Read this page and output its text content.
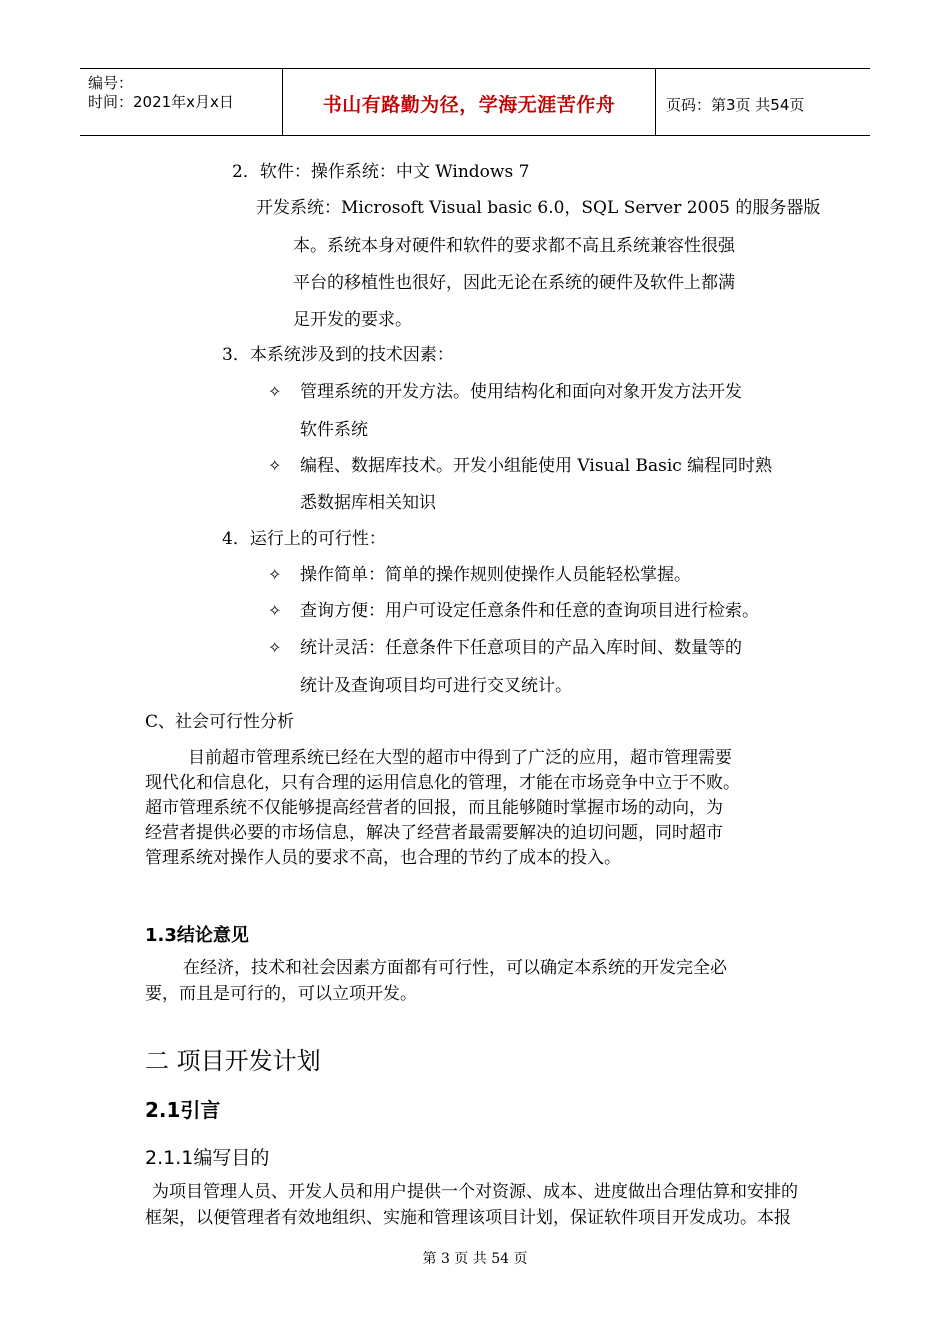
编号：
时间：2021年x月x日	书山有路勤为径，学海无涯苦作舟	页码：第3页 共54页
2．软件：操作系统：中文 Windows 7
开发系统：Microsoft Visual basic 6.0，SQL Server 2005 的服务器版
本。系统本身对硬件和软件的要求都不高且系统兼容性很强
平台的移植性也很好，因此无论在系统的硬件及软件上都满
足开发的要求。
3．本系统涉及到的技术因素：
✧ 管理系统的开发方法。使用结构化和面向对象开发方法开发
软件系统
✧ 编程、数据库技术。开发小组能使用 Visual Basic 编程同时熟
悉数据库相关知识
4．运行上的可行性：
✧ 操作简单：简单的操作规则使操作人员能轻松掌握。
✧ 查询方便：用户可设定任意条件和任意的查询项目进行检索。
✧ 统计灵活：任意条件下任意项目的产品入库时间、数量等的
统计及查询项目均可进行交叉统计。
C、社会可行性分析
目前超市管理系统已经在大型的超市中得到了广泛的应用，超市管理需要
现代化和信息化，只有合理的运用信息化的管理，才能在市场竞争中立于不败。
超市管理系统不仅能够提高经营者的回报，而且能够随时掌握市场的动向，为
经营者提供必要的市场信息，解决了经营者最需要解决的迫切问题，同时超市
管理系统对操作人员的要求不高，也合理的节约了成本的投入。
1.3结论意见
在经济，技术和社会因素方面都有可行性，可以确定本系统的开发完全必
要，而且是可行的，可以立项开发。
二 项目开发计划
2.1引言
2.1.1编写目的
为项目管理人员、开发人员和用户提供一个对资源、成本、进度做出合理估算和安排的
框架，以便管理者有效地组织、实施和管理该项目计划，保证软件项目开发成功。本报
第 3 页 共 54 页
